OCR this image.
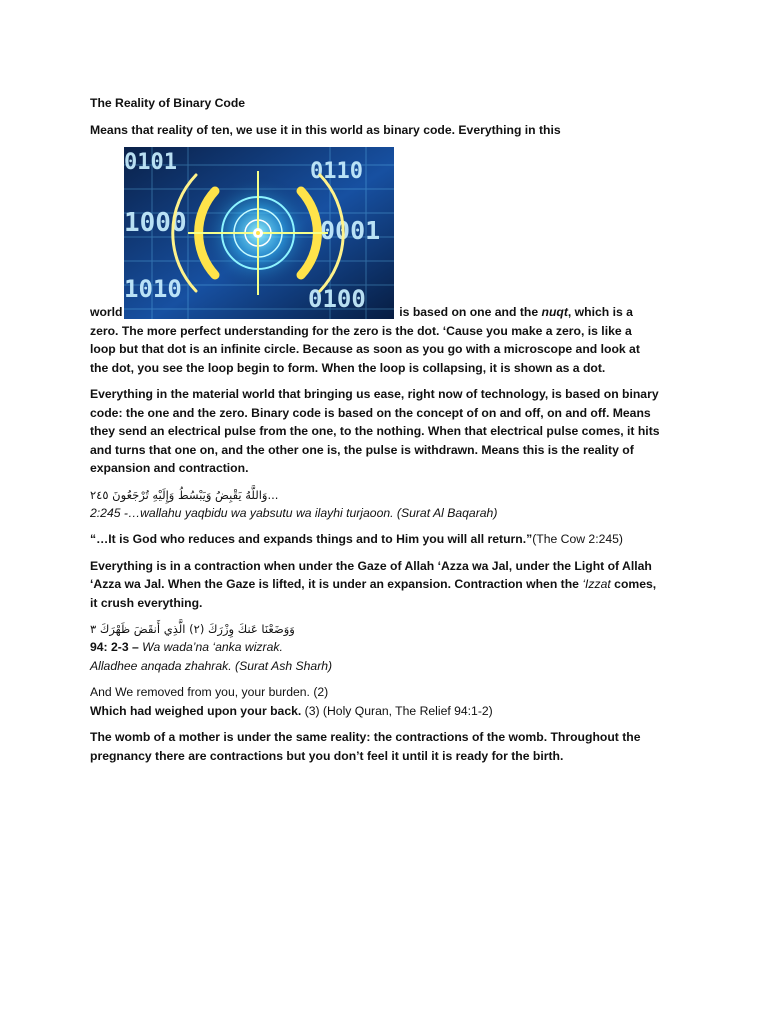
The Reality of Binary Code

Means that reality of ten, we use it in this world as binary code. Everything in this

0101
1000
1010
0110
0001
0100

world	is based on one and the nuqt, which is a zero. The more perfect understanding for the zero is the dot. ‘Cause you make a zero, is like a loop but that dot is an infinite circle. Because as soon as you go with a microscope and look at the dot, you see the loop begin to form. When the loop is collapsing, it is shown as a dot.

Everything in the material world that bringing us ease, right now of technology, is based on binary code: the one and the zero. Binary code is based on the concept of on and off, on and off. Means they send an electrical pulse from the one, to the nothing. When that electrical pulse comes, it hits and turns that one on, and the other one is, the pulse is withdrawn. Means this is the reality of expansion and contraction.

...وَاللَّهُ يَقْبِضُ وَيَبْسُطُ وَإِلَيْهِ تُرْجَعُونَ ٢٤٥

2:245 -…wallahu yaqbidu wa yabsutu wa ilayhi turjaoon. (Surat Al Baqarah)

“…It is God who reduces and expands things and to Him you will all return.”(The Cow 2:245)

Everything is in a contraction when under the Gaze of Allah ‘Azza wa Jal, under the Light of Allah ‘Azza wa Jal. When the Gaze is lifted, it is under an expansion. Contraction when the ‘Izzat comes, it crush everything.

وَوَضَعْنَا عَنكَ وِزْرَكَ (٢) الَّذِي أَنقَضَ ظَهْرَكَ ٣

94: 2-3 – Wa wada’na ‘anka wizrak.

Alladhee anqada zhahrak. (Surat Ash Sharh)

And We removed from you, your burden. (2)

Which had weighed upon your back. (3) (Holy Quran, The Relief 94:1-2)

The womb of a mother is under the same reality: the contractions of the womb. Throughout the pregnancy there are contractions but you don’t feel it until it is ready for the birth.
